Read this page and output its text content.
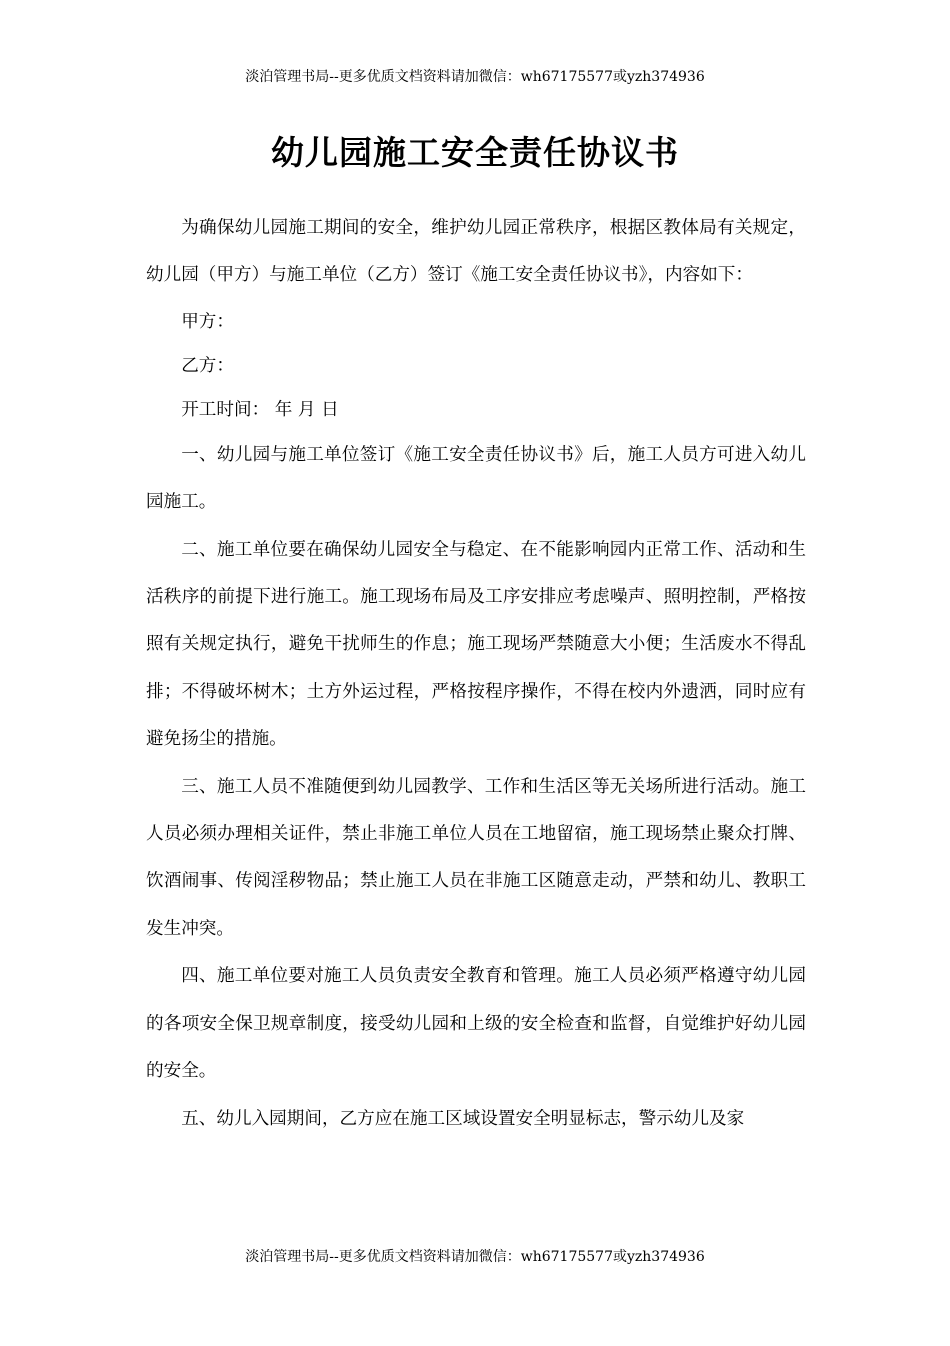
淡泊管理书局--更多优质文档资料请加微信：wh67175577或yzh374936
幼儿园施工安全责任协议书

为确保幼儿园施工期间的安全，维护幼儿园正常秩序，根据区教体局有关规定，幼儿园（甲方）与施工单位（乙方）签订《施工安全责任协议书》，内容如下：

甲方：

乙方：

开工时间： 年 月 日

一、幼儿园与施工单位签订《施工安全责任协议书》后，施工人员方可进入幼儿园施工。

二、施工单位要在确保幼儿园安全与稳定、在不能影响园内正常工作、活动和生活秩序的前提下进行施工。施工现场布局及工序安排应考虑噪声、照明控制，严格按照有关规定执行，避免干扰师生的作息；施工现场严禁随意大小便；生活废水不得乱排；不得破坏树木；土方外运过程，严格按程序操作，不得在校内外遗洒，同时应有避免扬尘的措施。

三、施工人员不准随便到幼儿园教学、工作和生活区等无关场所进行活动。施工人员必须办理相关证件，禁止非施工单位人员在工地留宿，施工现场禁止聚众打牌、饮酒闹事、传阅淫秽物品；禁止施工人员在非施工区随意走动，严禁和幼儿、教职工发生冲突。

四、施工单位要对施工人员负责安全教育和管理。施工人员必须严格遵守幼儿园的各项安全保卫规章制度，接受幼儿园和上级的安全检查和监督，自觉维护好幼儿园的安全。

五、幼儿入园期间，乙方应在施工区域设置安全明显标志，警示幼儿及家

淡泊管理书局--更多优质文档资料请加微信：wh67175577或yzh374936
